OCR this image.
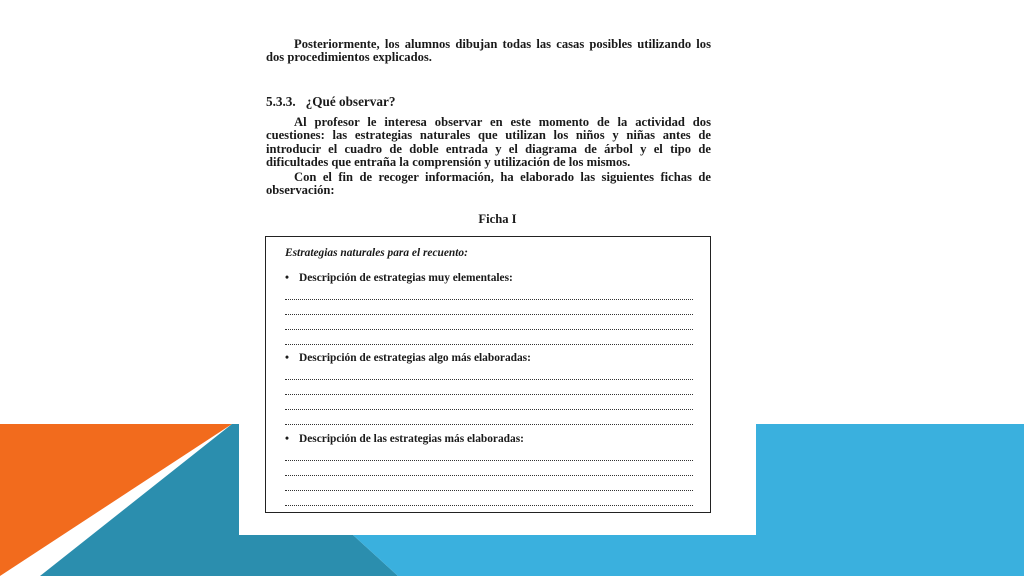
Posteriormente, los alumnos dibujan todas las casas posibles utilizando los dos procedimientos explicados.

5.3.3. ¿Qué observar?

Al profesor le interesa observar en este momento de la actividad dos cuestiones: las estrategias naturales que utilizan los niños y niñas antes de introducir el cuadro de doble entrada y el diagrama de árbol y el tipo de dificultades que entraña la comprensión y utilización de los mismos.

Con el fin de recoger información, ha elaborado las siguientes fichas de observación:

Ficha I

Estrategias naturales para el recuento:

• Descripción de estrategias muy elementales:

• Descripción de estrategias algo más elaboradas:

• Descripción de las estrategias más elaboradas:
